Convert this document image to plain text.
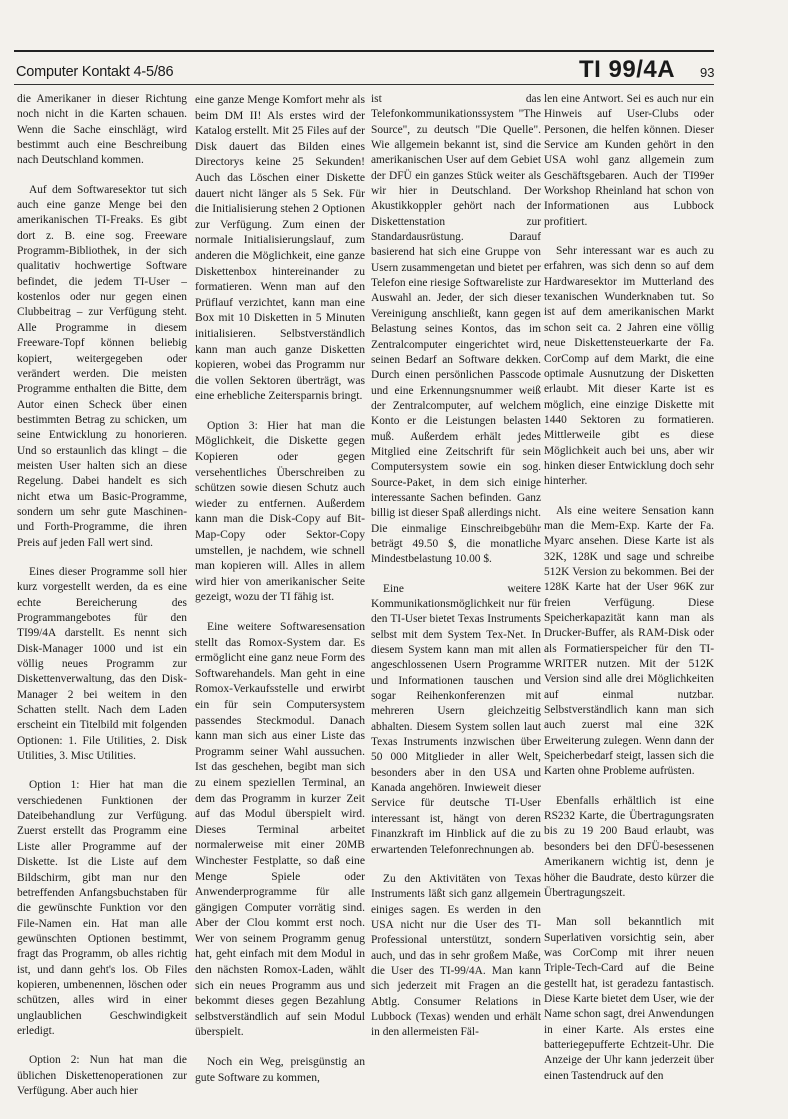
Computer Kontakt 4-5/86	TI 99/4A 93

die Amerikaner in dieser Richtung noch nicht in die Karten schauen. Wenn die Sache einschlägt, wird bestimmt auch eine Beschreibung nach Deutschland kommen.

Auf dem Softwaresektor tut sich auch eine ganze Menge bei den amerikanischen TI-Freaks. Es gibt dort z. B. eine sog. Freeware Programm-Bibliothek, in der sich qualitativ hochwertige Software befindet, die jedem TI-User – kostenlos oder nur gegen einen Clubbeitrag – zur Verfügung steht. Alle Programme in diesem Freeware-Topf können beliebig kopiert, weitergegeben oder verändert werden. Die meisten Programme enthalten die Bitte, dem Autor einen Scheck über einen bestimmten Betrag zu schicken, um seine Entwicklung zu honorieren. Und so erstaunlich das klingt – die meisten User halten sich an diese Regelung. Dabei handelt es sich nicht etwa um Basic-Programme, sondern um sehr gute Maschinen- und Forth-Programme, die ihren Preis auf jeden Fall wert sind.

Eines dieser Programme soll hier kurz vorgestellt werden, da es eine echte Bereicherung des Programmangebotes für den TI99/4A darstellt. Es nennt sich Disk-Manager 1000 und ist ein völlig neues Programm zur Diskettenverwaltung, das den Disk-Manager 2 bei weitem in den Schatten stellt. Nach dem Laden erscheint ein Titelbild mit folgenden Optionen: 1. File Utilities, 2. Disk Utilities, 3. Misc Utilities.

Option 1: Hier hat man die verschiedenen Funktionen der Dateibehandlung zur Verfügung. Zuerst erstellt das Programm eine Liste aller Programme auf der Diskette. Ist die Liste auf dem Bildschirm, gibt man nur den betreffenden Anfangsbuchstaben für die gewünschte Funktion vor den File-Namen ein. Hat man alle gewünschten Optionen bestimmt, fragt das Programm, ob alles richtig ist, und dann geht's los. Ob Files kopieren, umbenennen, löschen oder schützen, alles wird in einer unglaublichen Geschwindigkeit erledigt.

Option 2: Nun hat man die üblichen Diskettenoperationen zur Verfügung. Aber auch hier

eine ganze Menge Komfort mehr als beim DM II! Als erstes wird der Katalog erstellt. Mit 25 Files auf der Disk dauert das Bilden eines Directorys keine 25 Sekunden! Auch das Löschen einer Diskette dauert nicht länger als 5 Sek. Für die Initialisierung stehen 2 Optionen zur Verfügung. Zum einen der normale Initialisierungslauf, zum anderen die Möglichkeit, eine ganze Diskettenbox hintereinander zu formatieren. Wenn man auf den Prüflauf verzichtet, kann man eine Box mit 10 Disketten in 5 Minuten initialisieren. Selbstverständlich kann man auch ganze Disketten kopieren, wobei das Programm nur die vollen Sektoren überträgt, was eine erhebliche Zeitersparnis bringt.

Option 3: Hier hat man die Möglichkeit, die Diskette gegen Kopieren oder gegen versehentliches Überschreiben zu schützen sowie diesen Schutz auch wieder zu entfernen. Außerdem kann man die Disk-Copy auf Bit-Map-Copy oder Sektor-Copy umstellen, je nachdem, wie schnell man kopieren will. Alles in allem wird hier von amerikanischer Seite gezeigt, wozu der TI fähig ist.

Eine weitere Softwaresensation stellt das Romox-System dar. Es ermöglicht eine ganz neue Form des Softwarehandels. Man geht in eine Romox-Verkaufsstelle und erwirbt ein für sein Computersystem passendes Steckmodul. Danach kann man sich aus einer Liste das Programm seiner Wahl aussuchen. Ist das geschehen, begibt man sich zu einem speziellen Terminal, an dem das Programm in kurzer Zeit auf das Modul überspielt wird. Dieses Terminal arbeitet normalerweise mit einer 20MB Winchester Festplatte, so daß eine Menge Spiele oder Anwenderprogramme für alle gängigen Computer vorrätig sind. Aber der Clou kommt erst noch. Wer von seinem Programm genug hat, geht einfach mit dem Modul in den nächsten Romox-Laden, wählt sich ein neues Programm aus und bekommt dieses gegen Bezahlung selbstverständlich auf sein Modul überspielt.

Noch ein Weg, preisgünstig an gute Software zu kommen,

ist das Telefonkommunikationssystem "The Source", zu deutsch "Die Quelle". Wie allgemein bekannt ist, sind die amerikanischen User auf dem Gebiet der DFÜ ein ganzes Stück weiter als wir hier in Deutschland. Der Akustikkoppler gehört nach der Diskettenstation zur Standardausrüstung. Darauf basierend hat sich eine Gruppe von Usern zusammengetan und bietet per Telefon eine riesige Softwareliste zur Auswahl an. Jeder, der sich dieser Vereinigung anschließt, kann gegen Belastung seines Kontos, das im Zentralcomputer eingerichtet wird, seinen Bedarf an Software dekken. Durch einen persönlichen Passcode und eine Erkennungsnummer weiß der Zentralcomputer, auf welchem Konto er die Leistungen belasten muß. Außerdem erhält jedes Mitglied eine Zeitschrift für sein Computersystem sowie ein sog. Source-Paket, in dem sich einige interessante Sachen befinden. Ganz billig ist dieser Spaß allerdings nicht. Die einmalige Einschreibgebühr beträgt 49.50 $, die monatliche Mindestbelastung 10.00 $.

Eine weitere Kommunikationsmöglichkeit nur für den TI-User bietet Texas Instruments selbst mit dem System Tex-Net. In diesem System kann man mit allen angeschlossenen Usern Programme und Informationen tauschen und sogar Reihenkonferenzen mit mehreren Usern gleichzeitig abhalten. Diesem System sollen laut Texas Instruments inzwischen über 50 000 Mitglieder in aller Welt, besonders aber in den USA und Kanada angehören. Inwieweit dieser Service für deutsche TI-User interessant ist, hängt von deren Finanzkraft im Hinblick auf die zu erwartenden Telefonrechnungen ab.

Zu den Aktivitäten von Texas Instruments läßt sich ganz allgemein einiges sagen. Es werden in den USA nicht nur die User des TI-Professional unterstützt, sondern auch, und das in sehr großem Maße, die User des TI-99/4A. Man kann sich jederzeit mit Fragen an die Abtlg. Consumer Relations in Lubbock (Texas) wenden und erhält in den allermeisten Fäl-

len eine Antwort. Sei es auch nur ein Hinweis auf User-Clubs oder Personen, die helfen können. Dieser Service am Kunden gehört in den USA wohl ganz allgemein zum Geschäftsgebaren. Auch der TI99er Workshop Rheinland hat schon von Informationen aus Lubbock profitiert.

Sehr interessant war es auch zu erfahren, was sich denn so auf dem Hardwaresektor im Mutterland des texanischen Wunderknaben tut. So ist auf dem amerikanischen Markt schon seit ca. 2 Jahren eine völlig neue Diskettensteuerkarte der Fa. CorComp auf dem Markt, die eine optimale Ausnutzung der Disketten erlaubt. Mit dieser Karte ist es möglich, eine einzige Diskette mit 1440 Sektoren zu formatieren. Mittlerweile gibt es diese Möglichkeit auch bei uns, aber wir hinken dieser Entwicklung doch sehr hinterher.

Als eine weitere Sensation kann man die Mem-Exp. Karte der Fa. Myarc ansehen. Diese Karte ist als 32K, 128K und sage und schreibe 512K Version zu bekommen. Bei der 128K Karte hat der User 96K zur freien Verfügung. Diese Speicherkapazität kann man als Drucker-Buffer, als RAM-Disk oder als Formatierspeicher für den TI-WRITER nutzen. Mit der 512K Version sind alle drei Möglichkeiten auf einmal nutzbar. Selbstverständlich kann man sich auch zuerst mal eine 32K Erweiterung zulegen. Wenn dann der Speicherbedarf steigt, lassen sich die Karten ohne Probleme aufrüsten.

Ebenfalls erhältlich ist eine RS232 Karte, die Übertragungsraten bis zu 19 200 Baud erlaubt, was besonders bei den DFÜ-besessenen Amerikanern wichtig ist, denn je höher die Baudrate, desto kürzer die Übertragungszeit.

Man soll bekanntlich mit Superlativen vorsichtig sein, aber was CorComp mit ihrer neuen Triple-Tech-Card auf die Beine gestellt hat, ist geradezu fantastisch. Diese Karte bietet dem User, wie der Name schon sagt, drei Anwendungen in einer Karte. Als erstes eine batteriegepufferte Echtzeit-Uhr. Die Anzeige der Uhr kann jederzeit über einen Tastendruck auf den
